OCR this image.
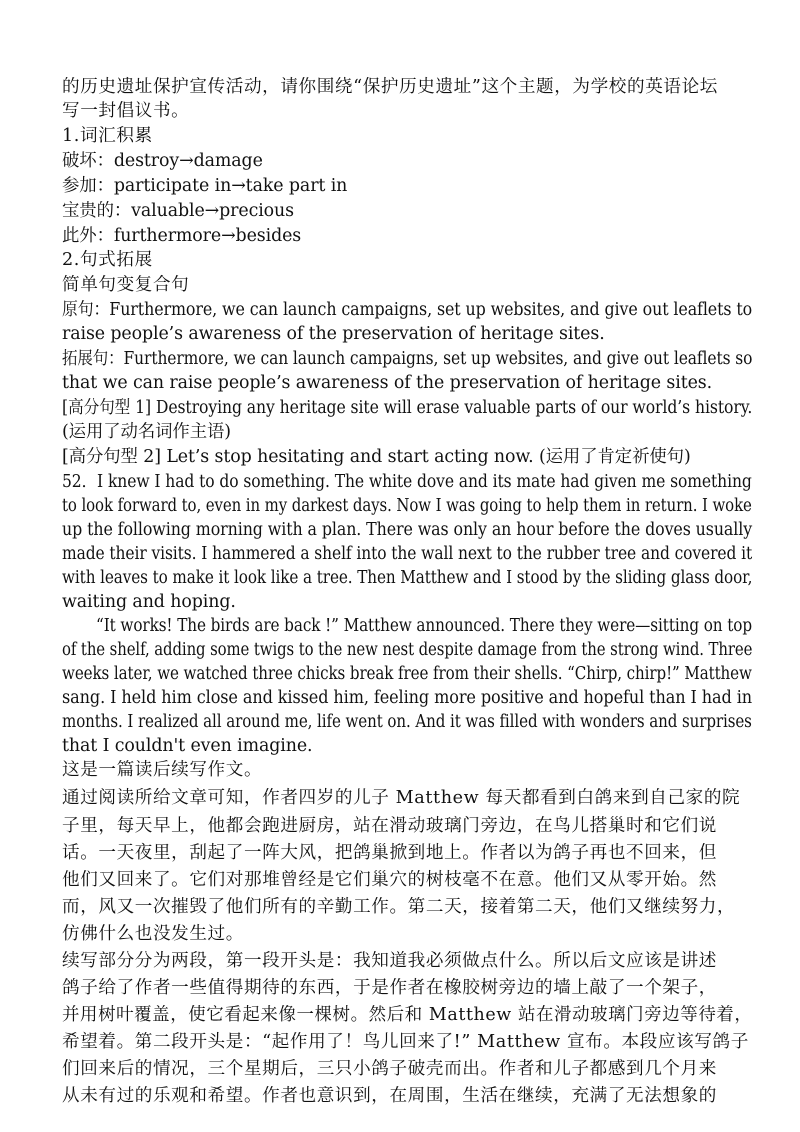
的历史遗址保护宣传活动，请你围绕“保护历史遗址”这个主题，为学校的英语论坛
写一封倡议书。
1.词汇积累
破坏：destroy→damage
参加：participate in→take part in
宝贵的：valuable→precious
此外：furthermore→besides
2.句式拓展
简单句变复合句
原句：Furthermore, we can launch campaigns, set up websites, and give out leaflets to
raise people’s awareness of the preservation of heritage sites.
拓展句：Furthermore, we can launch campaigns, set up websites, and give out leaflets so
that we can raise people’s awareness of the preservation of heritage sites.
[高分句型 1] Destroying any heritage site will erase valuable parts of our world’s history.
(运用了动名词作主语)
[高分句型 2] Let’s stop hesitating and start acting now. (运用了肯定祈使句)
52．I knew I had to do something. The white dove and its mate had given me something
to look forward to, even in my darkest days. Now I was going to help them in return. I woke
up the following morning with a plan. There was only an hour before the doves usually
made their visits. I hammered a shelf into the wall next to the rubber tree and covered it
with leaves to make it look like a tree. Then Matthew and I stood by the sliding glass door,
waiting and hoping.
“It works! The birds are back !” Matthew announced. There they were—sitting on top
of the shelf, adding some twigs to the new nest despite damage from the strong wind. Three
weeks later, we watched three chicks break free from their shells. “Chirp, chirp!” Matthew
sang. I held him close and kissed him, feeling more positive and hopeful than I had in
months. I realized all around me, life went on. And it was filled with wonders and surprises
that I couldn't even imagine.
这是一篇读后续写作文。
通过阅读所给文章可知，作者四岁的儿子 Matthew 每天都看到白鸽来到自己家的院
子里，每天早上，他都会跑进厨房，站在滑动玻璃门旁边，在鸟儿搭巢时和它们说
话。一天夜里，刮起了一阵大风，把鸽巢掀到地上。作者以为鸽子再也不回来，但
他们又回来了。它们对那堆曾经是它们巢穴的树枝毫不在意。他们又从零开始。然
而，风又一次摧毁了他们所有的辛勤工作。第二天，接着第二天，他们又继续努力，
仿佛什么也没发生过。
续写部分分为两段，第一段开头是：我知道我必须做点什么。所以后文应该是讲述
鸽子给了作者一些值得期待的东西，于是作者在橡胶树旁边的墙上敲了一个架子，
并用树叶覆盖，使它看起来像一棵树。然后和 Matthew 站在滑动玻璃门旁边等待着，
希望着。第二段开头是：“起作用了！鸟儿回来了!” Matthew 宣布。本段应该写鸽子
们回来后的情况，三个星期后，三只小鸽子破壳而出。作者和儿子都感到几个月来
从未有过的乐观和希望。作者也意识到，在周围，生活在继续，充满了无法想象的
